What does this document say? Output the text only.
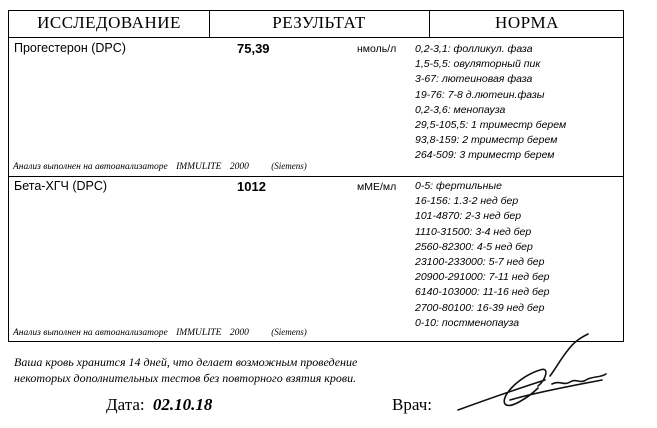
ИССЛЕДОВАНИЕ	РЕЗУЛЬТАТ	НОРМА
Прогестерон (DPC)	75,39	нмоль/л 0,2-3,1: фолликул. фаза
1,5-5,5: овуляторный пик
3-67: лютеиновая фаза
19-76: 7-8 д.лютеин.фазы
0,2-3,6: менопауза
29,5-105,5: 1 триместр берем
93,8-159: 2 триместр берем
264-509: 3 триместр берем
Анализ выполнен на автоанализаторе IMMULITE 2000 (Siemens)
Бета-ХГЧ (DPC)	1012	мМЕ/мл 0-5: фертильные
16-156: 1.3-2 нед бер
101-4870: 2-3 нед бер
1110-31500: 3-4 нед бер
2560-82300: 4-5 нед бер
23100-233000: 5-7 нед бер
20900-291000: 7-11 нед бер
6140-103000: 11-16 нед бер
2700-80100: 16-39 нед бер
0-10: постменопауза
Анализ выполнен на автоанализаторе IMMULITE 2000 (Siemens)
Ваша кровь хранится 14 дней, что делает возможным проведение
некоторых дополнительных тестов без повторного взятия крови.
Дата: 02.10.18	Врач:
